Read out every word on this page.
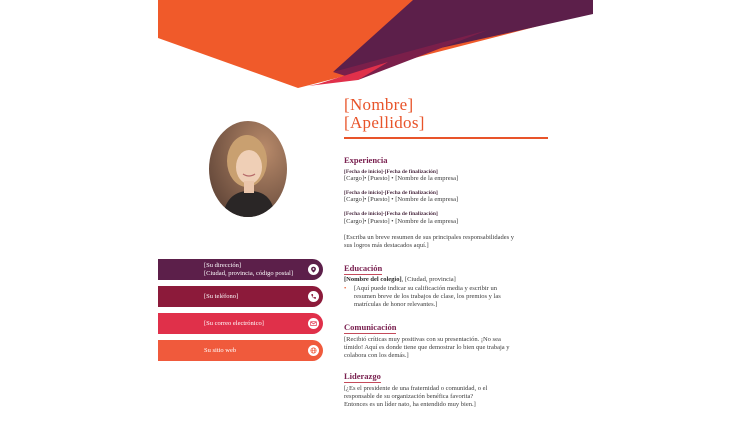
[Nombre]
[Apellidos]
[Su dirección]
[Ciudad, provincia, código postal]
[Su teléfono]
[Su correo electrónico]
Su sitio web
Experiencia
[Fecha de inicio]-[Fecha de finalización]
[Cargo]• [Puesto] • [Nombre de la empresa]
[Fecha de inicio]-[Fecha de finalización]
[Cargo]• [Puesto] • [Nombre de la empresa]
[Fecha de inicio]-[Fecha de finalización]
[Cargo]• [Puesto] • [Nombre de la empresa]
[Escriba un breve resumen de sus principales responsabilidades y
sus logros más destacados aquí.]
Educación
[Nombre del colegio], [Ciudad, provincia]
• [Aquí puede indicar su calificación media y escribir un
resumen breve de los trabajos de clase, los premios y las
matrículas de honor relevantes.]
Comunicación
[Recibió críticas muy positivas con su presentación. ¡No sea
tímido! Aquí es donde tiene que demostrar lo bien que trabaja y
colabora con los demás.]
Liderazgo
[¿Es el presidente de una fraternidad o comunidad, o el
responsable de su organización benéfica favorita?
Entonces es un líder nato, ha entendido muy bien.]
